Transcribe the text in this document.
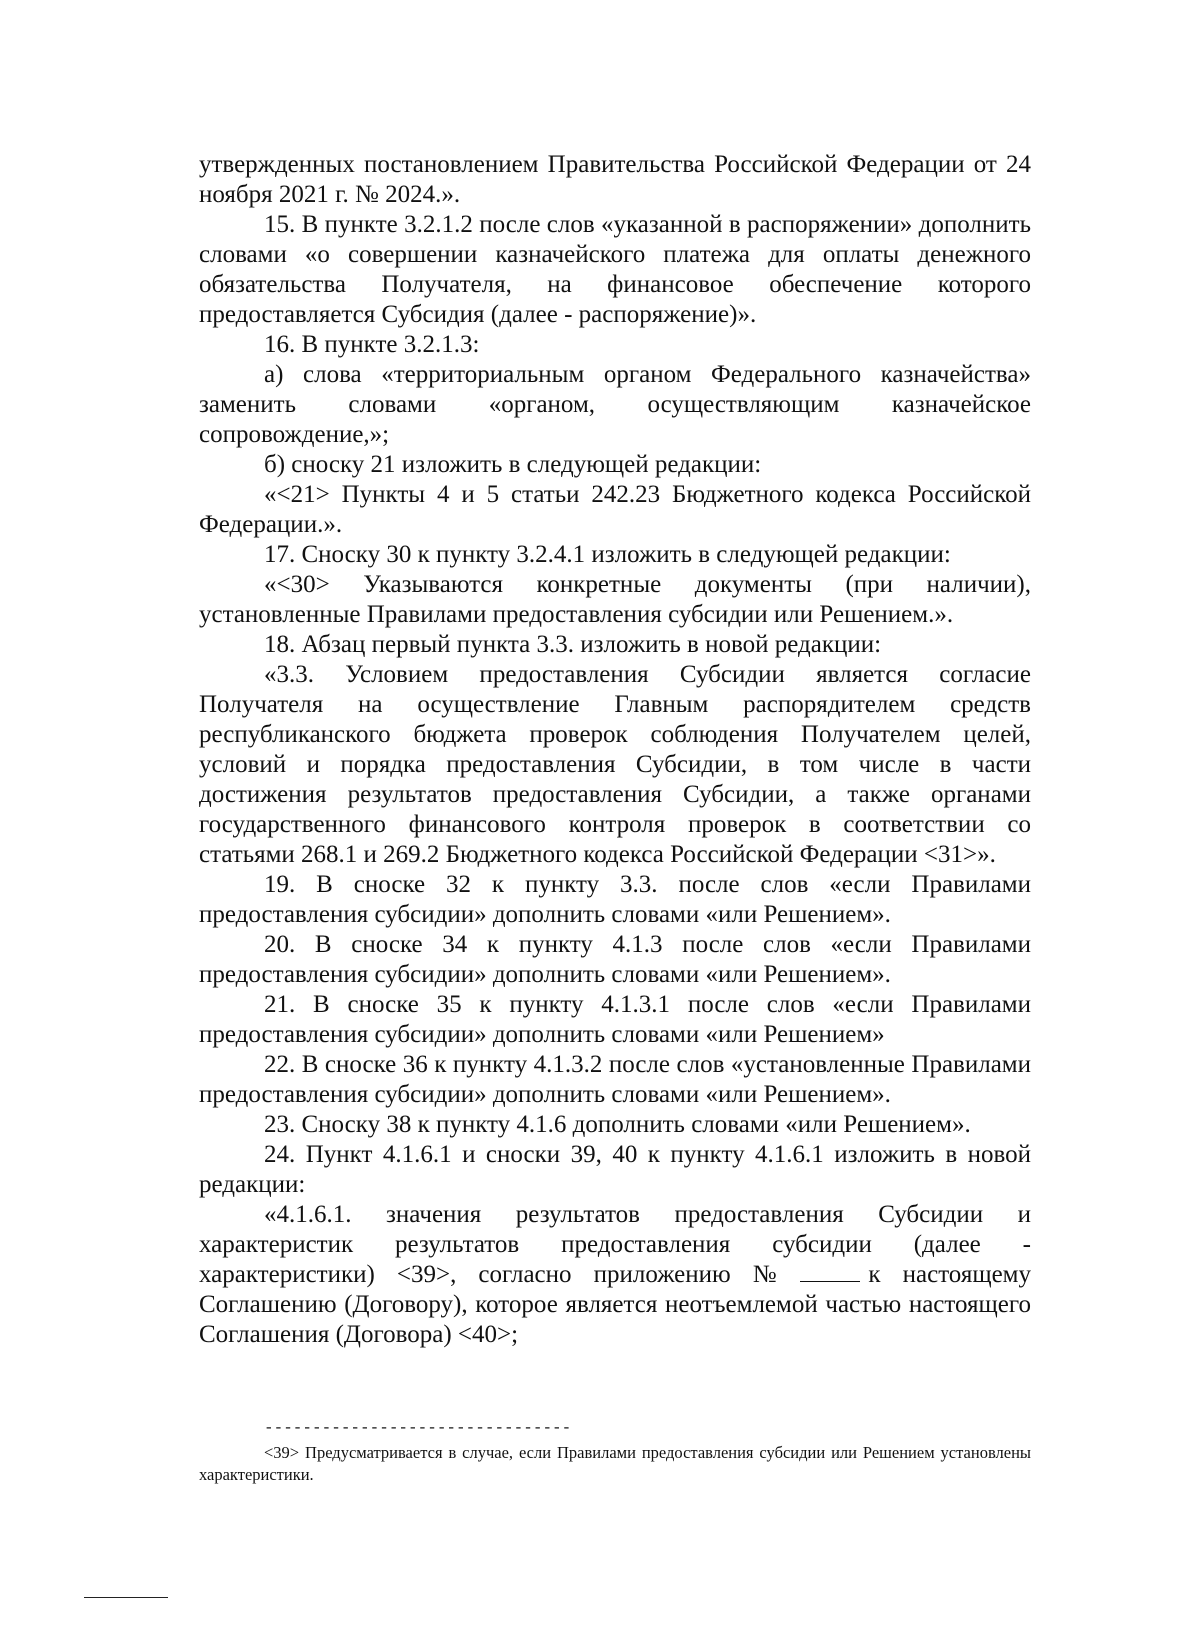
утвержденных постановлением Правительства Российской Федерации от 24 ноября 2021 г. № 2024.».

15. В пункте 3.2.1.2 после слов «указанной в распоряжении» дополнить словами «о совершении казначейского платежа для оплаты денежного обязательства Получателя, на финансовое обеспечение которого предоставляется Субсидия (далее - распоряжение)».

16. В пункте 3.2.1.3:

а) слова «территориальным органом Федерального казначейства» заменить словами «органом, осуществляющим казначейское сопровождение,»;

б) сноску 21 изложить в следующей редакции:

«<21> Пункты 4 и 5 статьи 242.23 Бюджетного кодекса Российской Федерации.».

17. Сноску 30 к пункту 3.2.4.1 изложить в следующей редакции:

«<30> Указываются конкретные документы (при наличии), установленные Правилами предоставления субсидии или Решением.».

18. Абзац первый пункта 3.3. изложить в новой редакции:

«3.3. Условием предоставления Субсидии является согласие Получателя на осуществление Главным распорядителем средств республиканского бюджета проверок соблюдения Получателем целей, условий и порядка предоставления Субсидии, в том числе в части достижения результатов предоставления Субсидии, а также органами государственного финансового контроля проверок в соответствии со статьями 268.1 и 269.2 Бюджетного кодекса Российской Федерации <31>».

19. В сноске 32 к пункту 3.3. после слов «если Правилами предоставления субсидии» дополнить словами «или Решением».

20. В сноске 34 к пункту 4.1.3 после слов «если Правилами предоставления субсидии» дополнить словами «или Решением».

21. В сноске 35 к пункту 4.1.3.1 после слов «если Правилами предоставления субсидии» дополнить словами «или Решением»

22. В сноске 36 к пункту 4.1.3.2 после слов «установленные Правилами предоставления субсидии» дополнить словами «или Решением».

23. Сноску 38 к пункту 4.1.6 дополнить словами «или Решением».

24. Пункт 4.1.6.1 и сноски 39, 40 к пункту 4.1.6.1 изложить в новой редакции:

«4.1.6.1. значения результатов предоставления Субсидии и характеристик результатов предоставления субсидии (далее - характеристики) <39>, согласно приложению №	к настоящему Соглашению (Договору), которое является неотъемлемой частью настоящего Соглашения (Договора) <40>;

--------------------------------

<39> Предусматривается в случае, если Правилами предоставления субсидии или Решением установлены характеристики.
